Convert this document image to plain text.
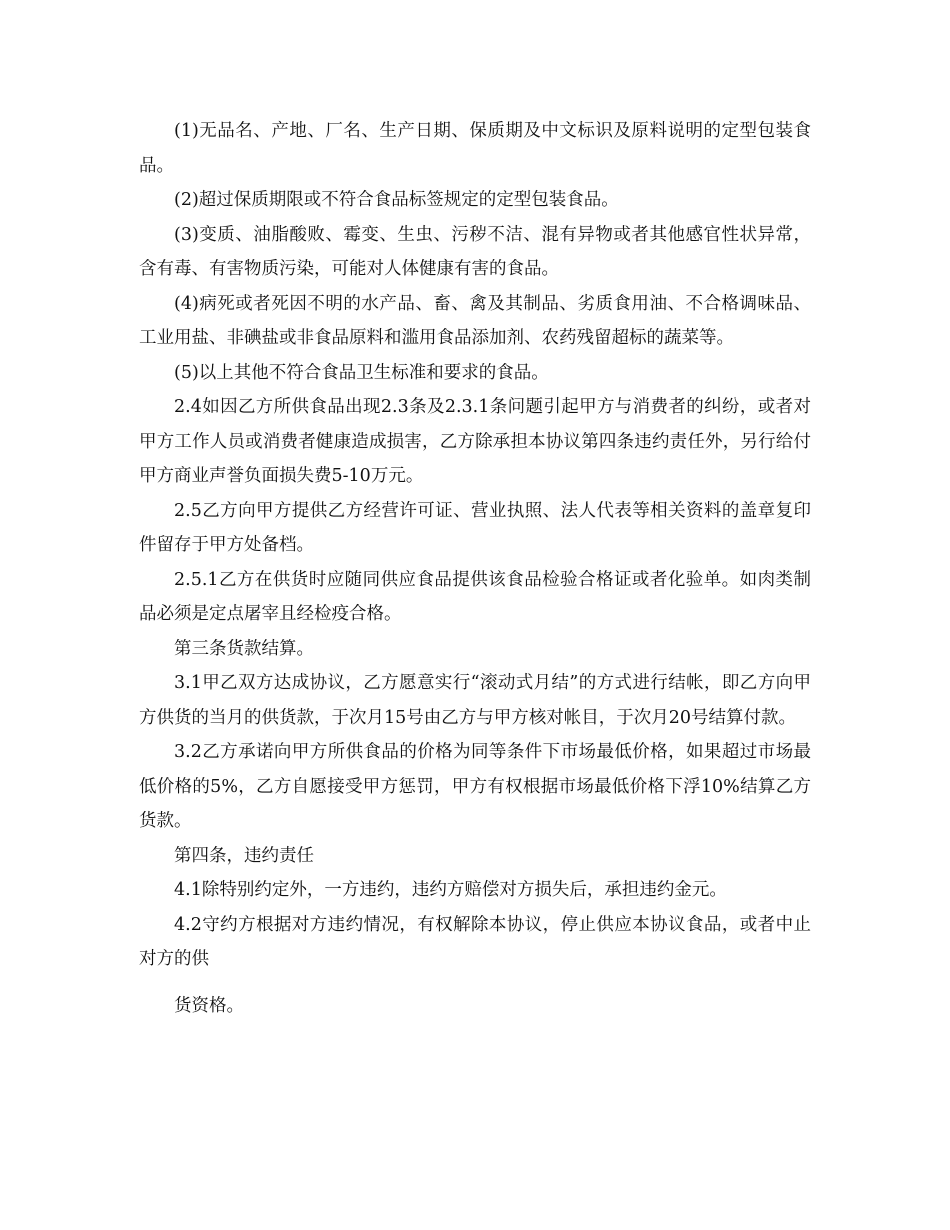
(1)无品名、产地、厂名、生产日期、保质期及中文标识及原料说明的定型包装食品。

(2)超过保质期限或不符合食品标签规定的定型包装食品。

(3)变质、油脂酸败、霉变、生虫、污秽不洁、混有异物或者其他感官性状异常，含有毒、有害物质污染，可能对人体健康有害的食品。

(4)病死或者死因不明的水产品、畜、禽及其制品、劣质食用油、不合格调味品、工业用盐、非碘盐或非食品原料和滥用食品添加剂、农药残留超标的蔬菜等。

(5)以上其他不符合食品卫生标准和要求的食品。

2.4如因乙方所供食品出现2.3条及2.3.1条问题引起甲方与消费者的纠纷，或者对甲方工作人员或消费者健康造成损害，乙方除承担本协议第四条违约责任外，另行给付甲方商业声誉负面损失费5-10万元。

2.5乙方向甲方提供乙方经营许可证、营业执照、法人代表等相关资料的盖章复印件留存于甲方处备档。

2.5.1乙方在供货时应随同供应食品提供该食品检验合格证或者化验单。如肉类制品必须是定点屠宰且经检疫合格。

第三条货款结算。

3.1甲乙双方达成协议，乙方愿意实行“滚动式月结”的方式进行结帐，即乙方向甲方供货的当月的供货款，于次月15号由乙方与甲方核对帐目，于次月20号结算付款。

3.2乙方承诺向甲方所供食品的价格为同等条件下市场最低价格，如果超过市场最低价格的5%，乙方自愿接受甲方惩罚，甲方有权根据市场最低价格下浮10%结算乙方货款。

第四条，违约责任

4.1除特别约定外，一方违约，违约方赔偿对方损失后，承担违约金元。

4.2守约方根据对方违约情况，有权解除本协议，停止供应本协议食品，或者中止对方的供

货资格。
